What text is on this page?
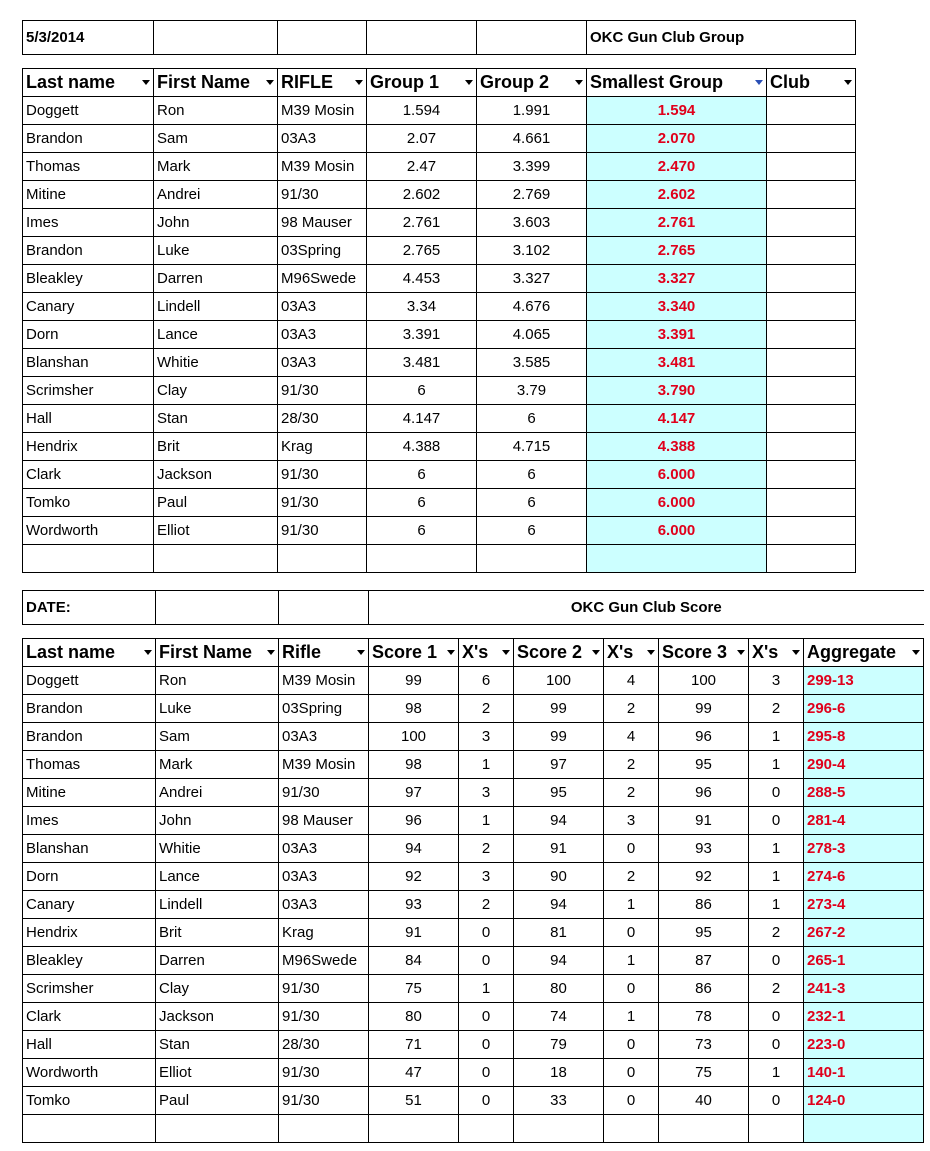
5/3/2014					OKC Gun Club Group	

Last name	First Name	RIFLE	Group 1	Group 2	Smallest Group	Club

Doggett	Ron	M39 Mosin	1.594	1.991	1.594	
Brandon	Sam	03A3	2.07	4.661	2.070	
Thomas	Mark	M39 Mosin	2.47	3.399	2.470	
Mitine	Andrei	91/30	2.602	2.769	2.602	
Imes	John	98 Mauser	2.761	3.603	2.761	
Brandon	Luke	03Spring	2.765	3.102	2.765	
Bleakley	Darren	M96Swede	4.453	3.327	3.327	
Canary	Lindell	03A3	3.34	4.676	3.340	
Dorn	Lance	03A3	3.391	4.065	3.391	
Blanshan	Whitie	03A3	3.481	3.585	3.481	
Scrimsher	Clay	91/30	6	3.79	3.790	
Hall	Stan	28/30	4.147	6	4.147	
Hendrix	Brit	Krag	4.388	4.715	4.388	
Clark	Jackson	91/30	6	6	6.000	
Tomko	Paul	91/30	6	6	6.000	
Wordworth	Elliot	91/30	6	6	6.000	

DATE:			OKC Gun Club Score						

Last name	First Name	Rifle	Score 1	X's	Score 2	X's	Score 3	X's	Aggregate

Doggett	Ron	M39 Mosin	99	6	100	4	100	3	299-13
Brandon	Luke	03Spring	98	2	99	2	99	2	296-6
Brandon	Sam	03A3	100	3	99	4	96	1	295-8
Thomas	Mark	M39 Mosin	98	1	97	2	95	1	290-4
Mitine	Andrei	91/30	97	3	95	2	96	0	288-5
Imes	John	98 Mauser	96	1	94	3	91	0	281-4
Blanshan	Whitie	03A3	94	2	91	0	93	1	278-3
Dorn	Lance	03A3	92	3	90	2	92	1	274-6
Canary	Lindell	03A3	93	2	94	1	86	1	273-4
Hendrix	Brit	Krag	91	0	81	0	95	2	267-2
Bleakley	Darren	M96Swede	84	0	94	1	87	0	265-1
Scrimsher	Clay	91/30	75	1	80	0	86	2	241-3
Clark	Jackson	91/30	80	0	74	1	78	0	232-1
Hall	Stan	28/30	71	0	79	0	73	0	223-0
Wordworth	Elliot	91/30	47	0	18	0	75	1	140-1
Tomko	Paul	91/30	51	0	33	0	40	0	124-0
